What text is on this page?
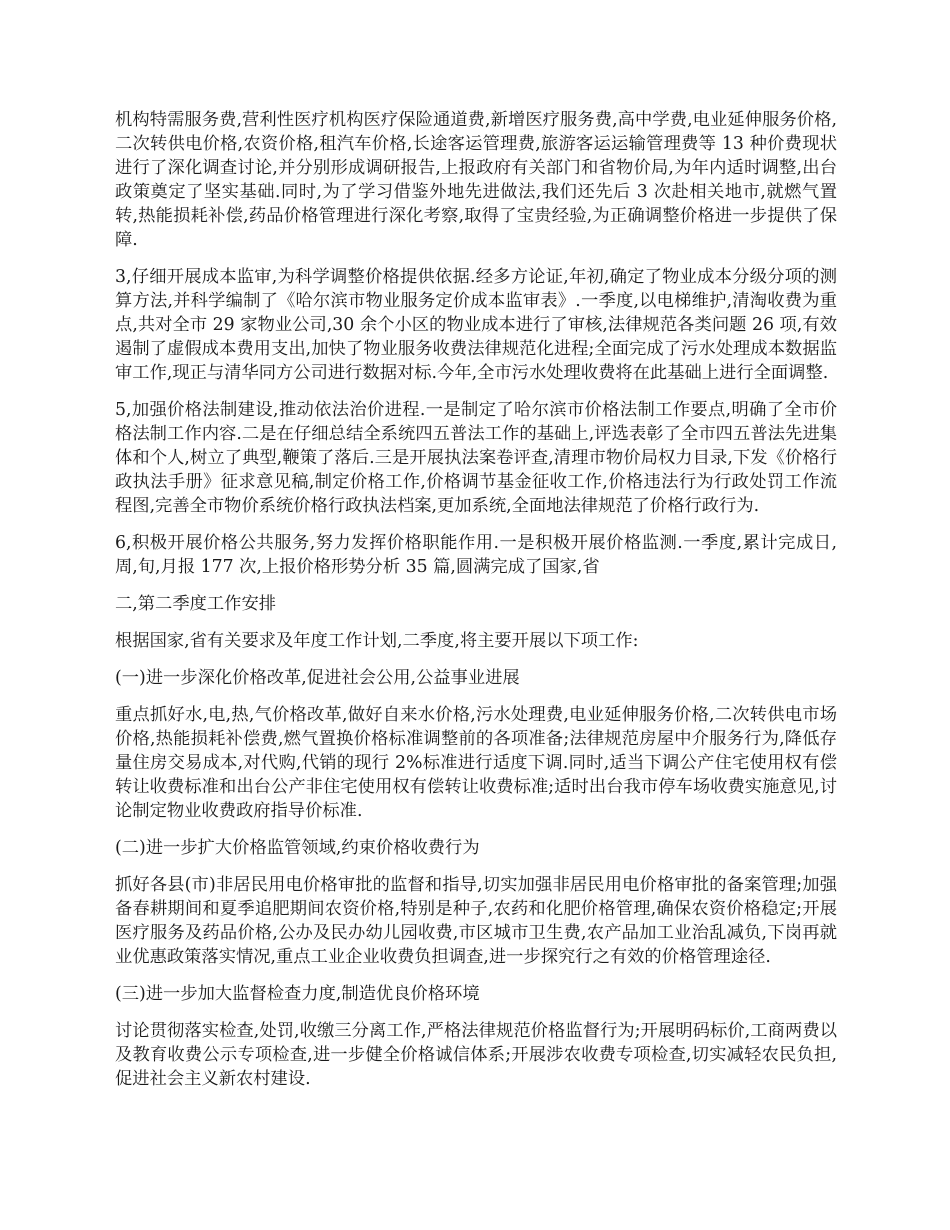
机构特需服务费,营利性医疗机构医疗保险通道费,新增医疗服务费,高中学费,电业延伸服务价格,二次转供电价格,农资价格,租汽车价格,长途客运管理费,旅游客运运输管理费等 13 种价费现状进行了深化调查讨论,并分别形成调研报告,上报政府有关部门和省物价局,为年内适时调整,出台政策奠定了坚实基础.同时,为了学习借鉴外地先进做法,我们还先后 3 次赴相关地市,就燃气置转,热能损耗补偿,药品价格管理进行深化考察,取得了宝贵经验,为正确调整价格进一步提供了保障.

3,仔细开展成本监审,为科学调整价格提供依据.经多方论证,年初,确定了物业成本分级分项的测算方法,并科学编制了《哈尔滨市物业服务定价成本监审表》.一季度,以电梯维护,清淘收费为重点,共对全市 29 家物业公司,30 余个小区的物业成本进行了审核,法律规范各类问题 26 项,有效遏制了虚假成本费用支出,加快了物业服务收费法律规范化进程;全面完成了污水处理成本数据监审工作,现正与清华同方公司进行数据对标.今年,全市污水处理收费将在此基础上进行全面调整.

5,加强价格法制建设,推动依法治价进程.一是制定了哈尔滨市价格法制工作要点,明确了全市价格法制工作内容.二是在仔细总结全系统四五普法工作的基础上,评选表彰了全市四五普法先进集体和个人,树立了典型,鞭策了落后.三是开展执法案卷评查,清理市物价局权力目录,下发《价格行政执法手册》征求意见稿,制定价格工作,价格调节基金征收工作,价格违法行为行政处罚工作流程图,完善全市物价系统价格行政执法档案,更加系统,全面地法律规范了价格行政行为.

6,积极开展价格公共服务,努力发挥价格职能作用.一是积极开展价格监测.一季度,累计完成日,周,旬,月报 177 次,上报价格形势分析 35 篇,圆满完成了国家,省

二,第二季度工作安排

根据国家,省有关要求及年度工作计划,二季度,将主要开展以下项工作:

(一)进一步深化价格改革,促进社会公用,公益事业进展

重点抓好水,电,热,气价格改革,做好自来水价格,污水处理费,电业延伸服务价格,二次转供电市场价格,热能损耗补偿费,燃气置换价格标准调整前的各项准备;法律规范房屋中介服务行为,降低存量住房交易成本,对代购,代销的现行 2%标准进行适度下调.同时,适当下调公产住宅使用权有偿转让收费标准和出台公产非住宅使用权有偿转让收费标准;适时出台我市停车场收费实施意见,讨论制定物业收费政府指导价标准.

(二)进一步扩大价格监管领域,约束价格收费行为

抓好各县(市)非居民用电价格审批的监督和指导,切实加强非居民用电价格审批的备案管理;加强备春耕期间和夏季追肥期间农资价格,特别是种子,农药和化肥价格管理,确保农资价格稳定;开展医疗服务及药品价格,公办及民办幼儿园收费,市区城市卫生费,农产品加工业治乱减负,下岗再就业优惠政策落实情况,重点工业企业收费负担调查,进一步探究行之有效的价格管理途径.

(三)进一步加大监督检查力度,制造优良价格环境

讨论贯彻落实检查,处罚,收缴三分离工作,严格法律规范价格监督行为;开展明码标价,工商两费以及教育收费公示专项检查,进一步健全价格诚信体系;开展涉农收费专项检查,切实减轻农民负担,促进社会主义新农村建设.
